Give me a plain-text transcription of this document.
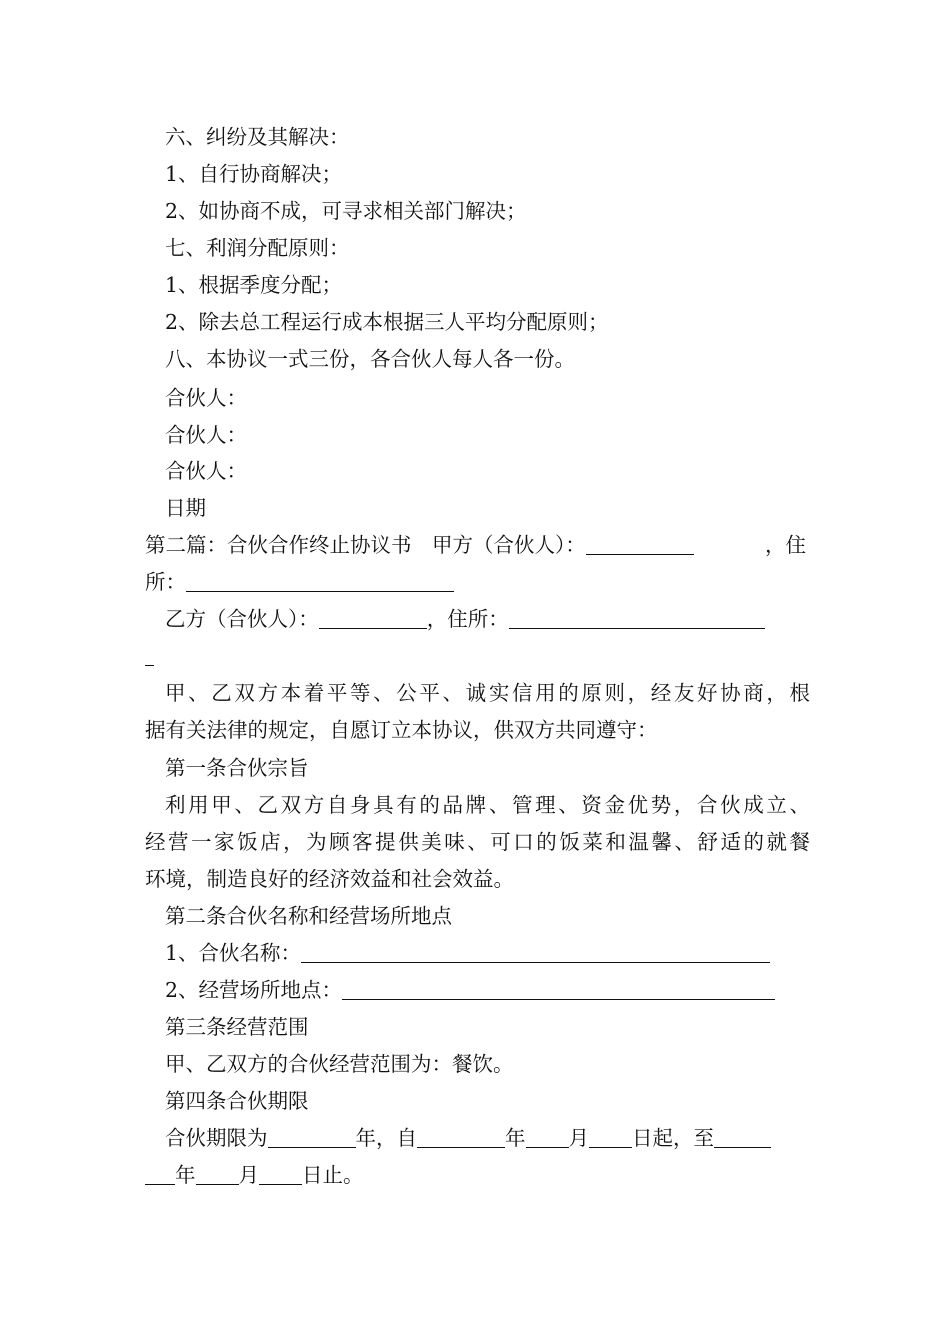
六、纠纷及其解决：
1、自行协商解决；
2、如协商不成，可寻求相关部门解决；
七、利润分配原则：
1、根据季度分配；
2、除去总工程运行成本根据三人平均分配原则；
八、本协议一式三份，各合伙人每人各一份。
合伙人：
合伙人：
合伙人：
日期
第二篇：合伙合作终止协议书　甲方（合伙人）：	，住
所：
乙方（合伙人）：	，住所：
甲、乙双方本着平等、公平、诚实信用的原则，经友好协商，根
据有关法律的规定，自愿订立本协议，供双方共同遵守：
第一条合伙宗旨
利用甲、乙双方自身具有的品牌、管理、资金优势，合伙成立、
经营一家饭店，为顾客提供美味、可口的饭菜和温馨、舒适的就餐
环境，制造良好的经济效益和社会效益。
第二条合伙名称和经营场所地点
1、合伙名称：
2、经营场所地点：
第三条经营范围
甲、乙双方的合伙经营范围为：餐饮。
第四条合伙期限
合伙期限为	年，自	年 月 日起，至
年 月 日止。
